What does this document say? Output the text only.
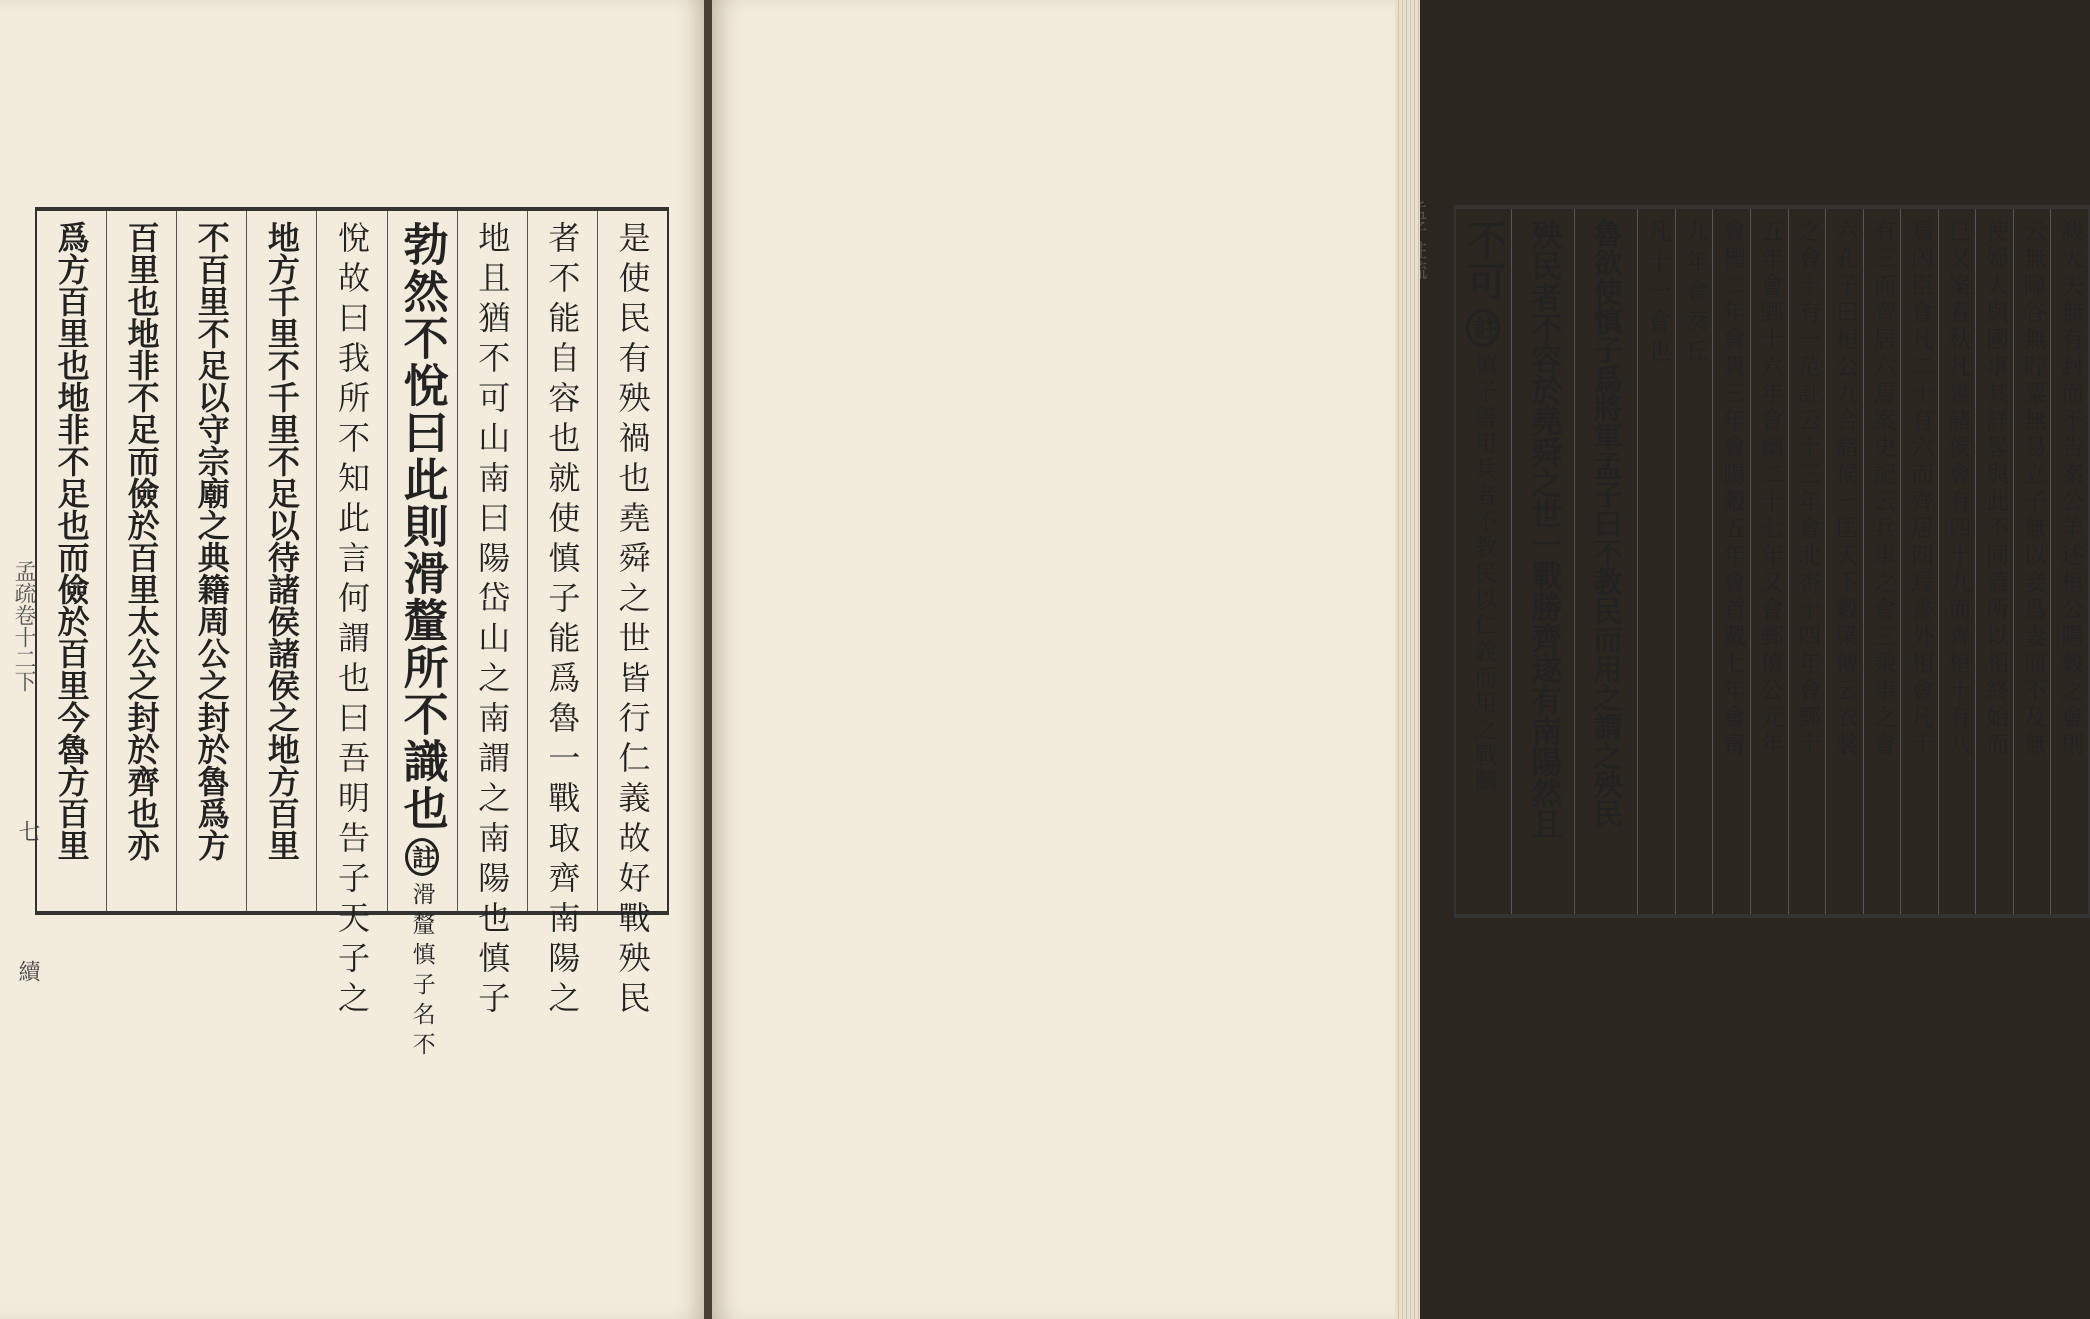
孟疏卷十二下
七
續	是使民有殃禍也堯舜之世皆行仁義故好戰殃民
者不能自容也就使慎子能爲魯一戰取齊南陽之
地且猶不可山南曰陽岱山之南謂之南陽也慎子
勃然不悅曰此則滑釐所不識也註滑釐慎子名不
悅故曰我所不知此言何謂也曰吾明告子天子之
地方千里不千里不足以待諸侯諸侯之地方百里
不百里不足以守宗廟之典籍周公之封於魯爲方
百里也地非不足而儉於百里太公之封於齊也亦
爲方百里也地非不足也而儉於百里今魯方百里	殺大夫無有封而不告案公羊述桓公陽穀之會則
云無障谷無貯粟無易立子無以妾爲妻而不及無
使婦人與國事其詳畧與此不同蓋所以相終始而
已又案春秋凡書諸侯會有四十九而齊桓十有八
焉內臣會凡二十有六而齊居四焉書外相會凡十
有三而齊居六焉案史記云兵車之會三乘車之會
六孔子曰桓公九合諸侯一匡天下穀梁傳云衣裳
之會十有一范註云十三年會北杏十四年會鄄十
五年會鄄十六年會幽二十七年又會鄄僖公元年
會檉二年會貫三年會陽穀五年會首戴七年會甯
九年會葵丘
凡十一會也
魯欲使慎子爲將軍孟子曰不教民而用之謂之殃民
殃民者不容於堯舜之世一戰勝齊遂有南陽然且
不可註慎子善用兵者不教民以仁義而用之戰鬬
